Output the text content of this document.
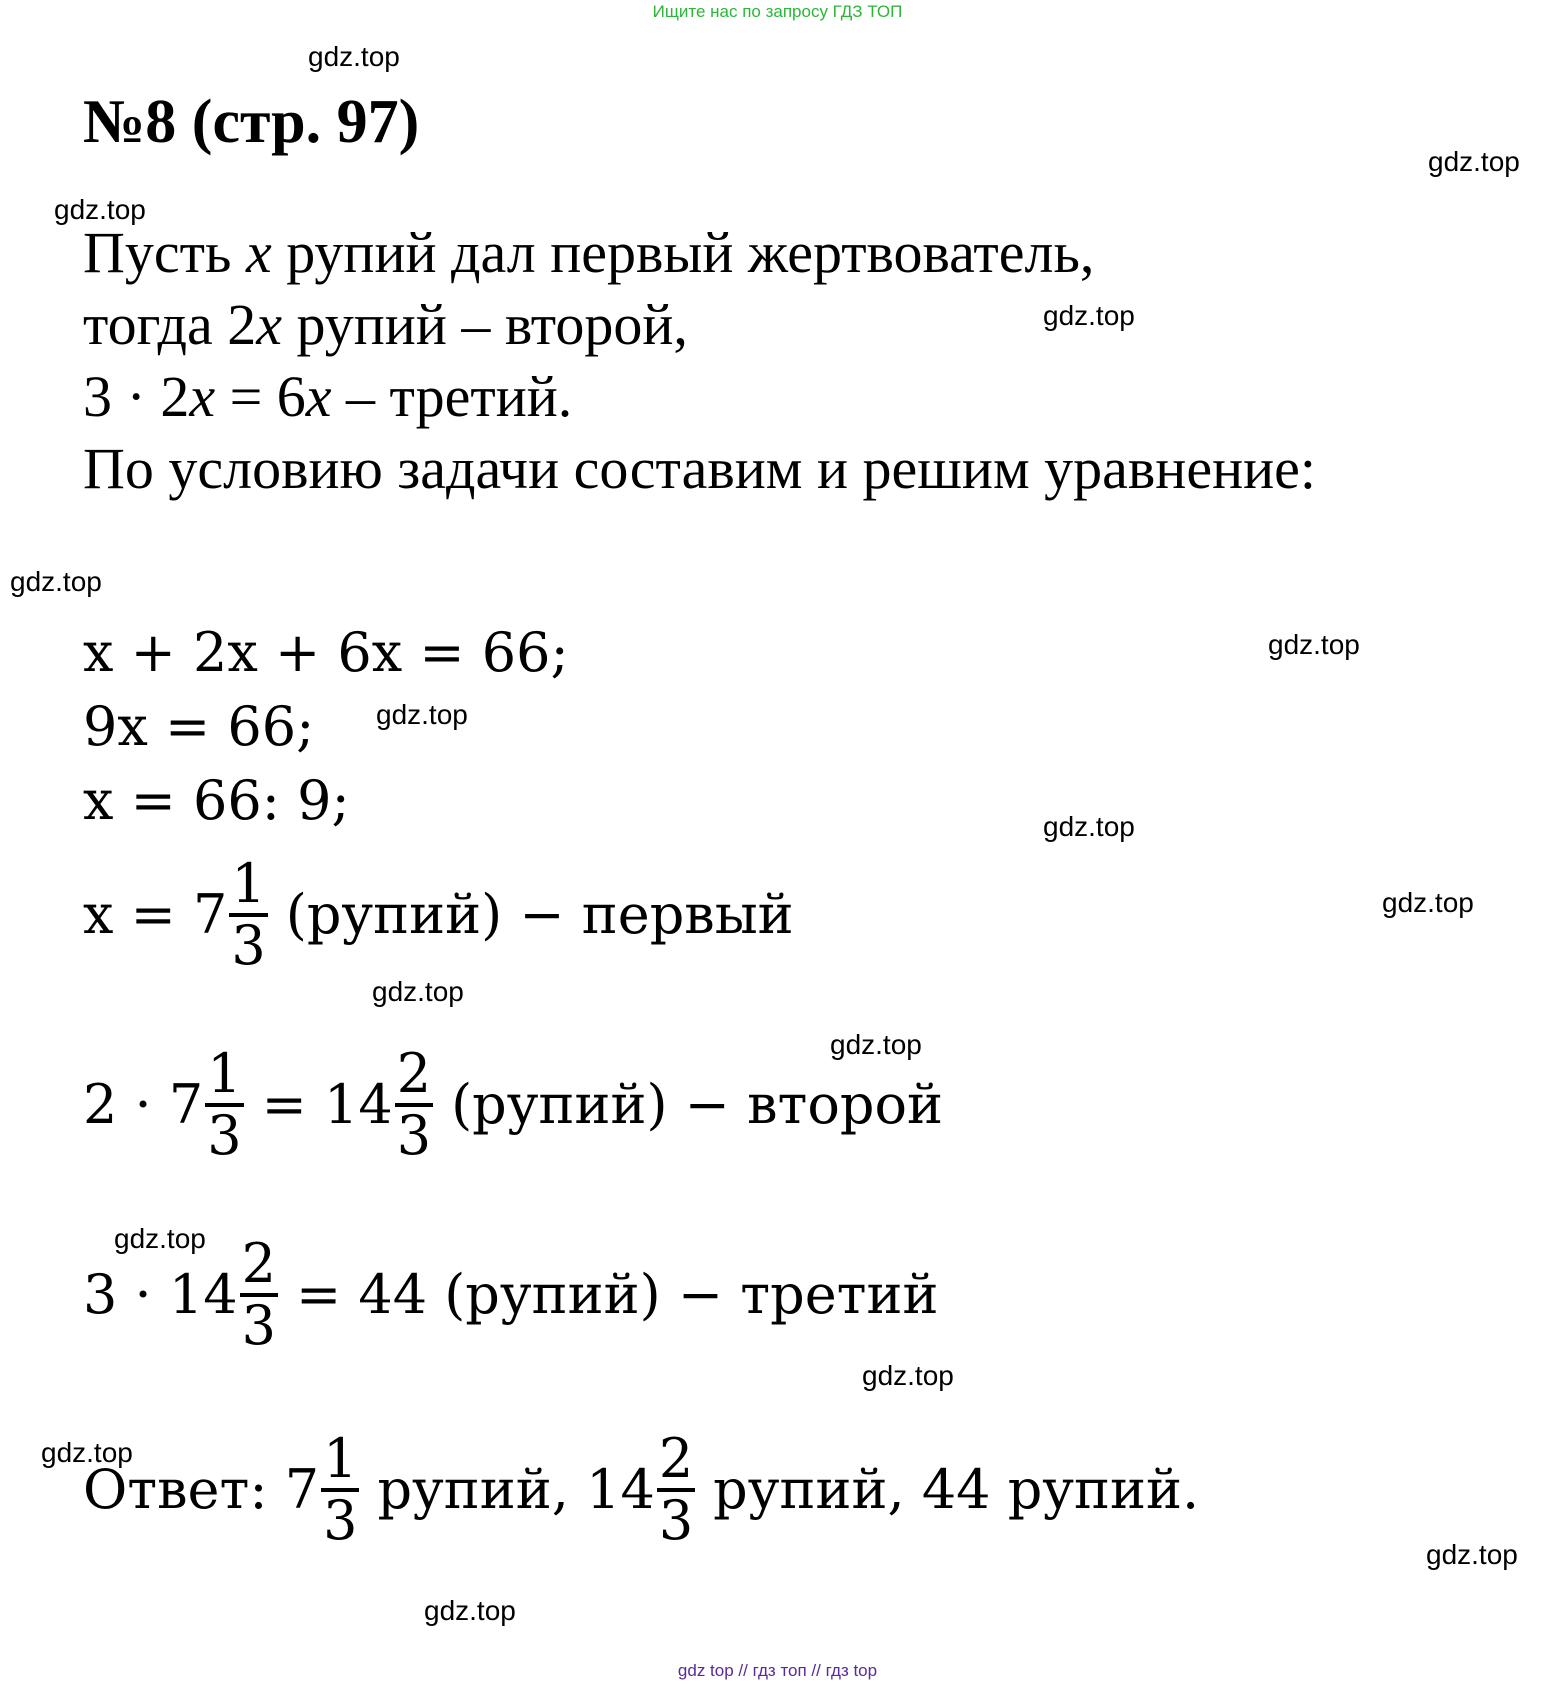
Ищите нас по запросу ГДЗ ТОП
№8 (стр. 97)
Пусть x рупий дал первый жертвователь,
тогда 2x рупий – второй,
3 · 2x = 6x – третий.
По условию задачи составим и решим уравнение:
x + 2x + 6x = 66;
9x = 66;
x = 66: 9;
$x = 7 \frac{1}{3}$ (рупий) − первый
$2 \cdot 7 \frac{1}{3} = 14 \frac{2}{3}$ (рупий) − второй
$3 \cdot 14 \frac{2}{3} = 44$ (рупий) − третий
Ответ: $7 \frac{1}{3}$ рупий, $14 \frac{2}{3}$ рупий, 44 рупий.
gdz.top
gdz.top
gdz.top
gdz.top
gdz.top
gdz.top
gdz.top
gdz.top
gdz.top
gdz.top
gdz.top
gdz.top
gdz.top
gdz.top
gdz.top
gdz.top
gdz top // гдз топ // гдз top
